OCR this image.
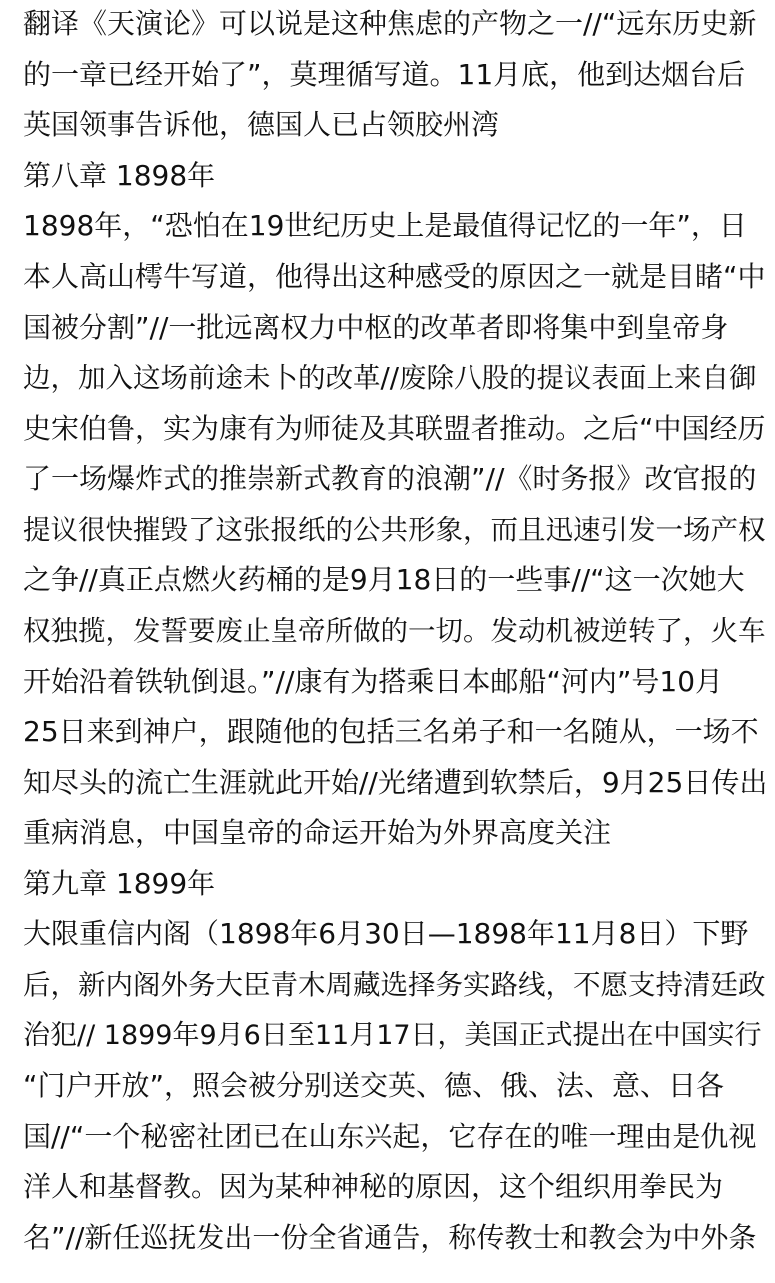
翻译《天演论》可以说是这种焦虑的产物之一//“远东历史新
的一章已经开始了”，莫理循写道。11月底，他到达烟台后
英国领事告诉他，德国人已占领胶州湾
第八章 1898年
1898年，“恐怕在19世纪历史上是最值得记忆的一年”，日
本人高山樗牛写道，他得出这种感受的原因之一就是目睹“中
国被分割”//一批远离权力中枢的改革者即将集中到皇帝身
边，加入这场前途未卜的改革//废除八股的提议表面上来自御
史宋伯鲁，实为康有为师徒及其联盟者推动。之后“中国经历
了一场爆炸式的推崇新式教育的浪潮”//《时务报》改官报的
提议很快摧毁了这张报纸的公共形象，而且迅速引发一场产权
之争//真正点燃火药桶的是9月18日的一些事//“这一次她大
权独揽，发誓要废止皇帝所做的一切。发动机被逆转了，火车
开始沿着铁轨倒退。”//康有为搭乘日本邮船“河内”号10月
25日来到神户，跟随他的包括三名弟子和一名随从，一场不
知尽头的流亡生涯就此开始//光绪遭到软禁后，9月25日传出
重病消息，中国皇帝的命运开始为外界高度关注
第九章 1899年
大限重信内阁（1898年6月30日—1898年11月8日）下野
后，新内阁外务大臣青木周藏选择务实路线，不愿支持清廷政
治犯// 1899年9月6日至11月17日，美国正式提出在中国实行
“门户开放”，照会被分别送交英、德、俄、法、意、日各
国//“一个秘密社团已在山东兴起，它存在的唯一理由是仇视
洋人和基督教。因为某种神秘的原因，这个组织用拳民为
名”//新任巡抚发出一份全省通告，称传教士和教会为中外条
